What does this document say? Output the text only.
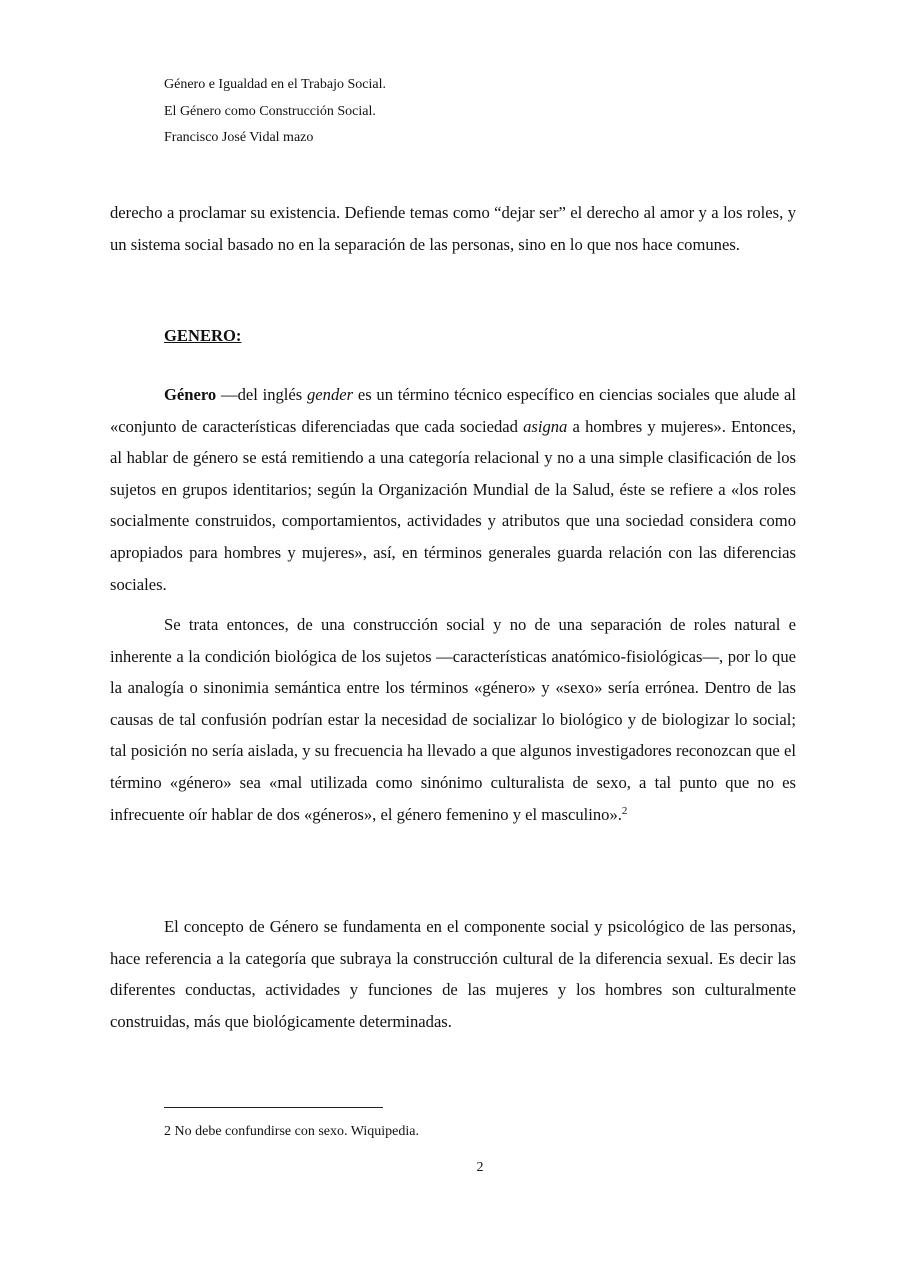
Género e Igualdad en el Trabajo Social.
El Género como Construcción Social.
Francisco José Vidal mazo
derecho a proclamar su existencia. Defiende temas como “dejar ser” el derecho al amor y a los roles, y un sistema social basado no en la separación de las personas, sino en lo que nos hace comunes.
GENERO:

Género —del inglés gender es un término técnico específico en ciencias sociales que alude al «conjunto de características diferenciadas que cada sociedad asigna a hombres y mujeres». Entonces, al hablar de género se está remitiendo a una categoría relacional y no a una simple clasificación de los sujetos en grupos identitarios; según la Organización Mundial de la Salud, éste se refiere a «los roles socialmente construidos, comportamientos, actividades y atributos que una sociedad considera como apropiados para hombres y mujeres», así, en términos generales guarda relación con las diferencias sociales.

Se trata entonces, de una construcción social y no de una separación de roles natural e inherente a la condición biológica de los sujetos —características anatómico-fisiológicas—, por lo que la analogía o sinonimia semántica entre los términos «género» y «sexo» sería errónea. Dentro de las causas de tal confusión podrían estar la necesidad de socializar lo biológico y de biologizar lo social; tal posición no sería aislada, y su frecuencia ha llevado a que algunos investigadores reconozcan que el término «género» sea «mal utilizada como sinónimo culturalista de sexo, a tal punto que no es infrecuente oír hablar de dos «géneros», el género femenino y el masculino».$^2$

El concepto de Género se fundamenta en el componente social y psicológico de las personas, hace referencia a la categoría que subraya la construcción cultural de la diferencia sexual. Es decir las diferentes conductas, actividades y funciones de las mujeres y los hombres son culturalmente construidas, más que biológicamente determinadas.

2 No debe confundirse con sexo. Wiquipedia.
2
